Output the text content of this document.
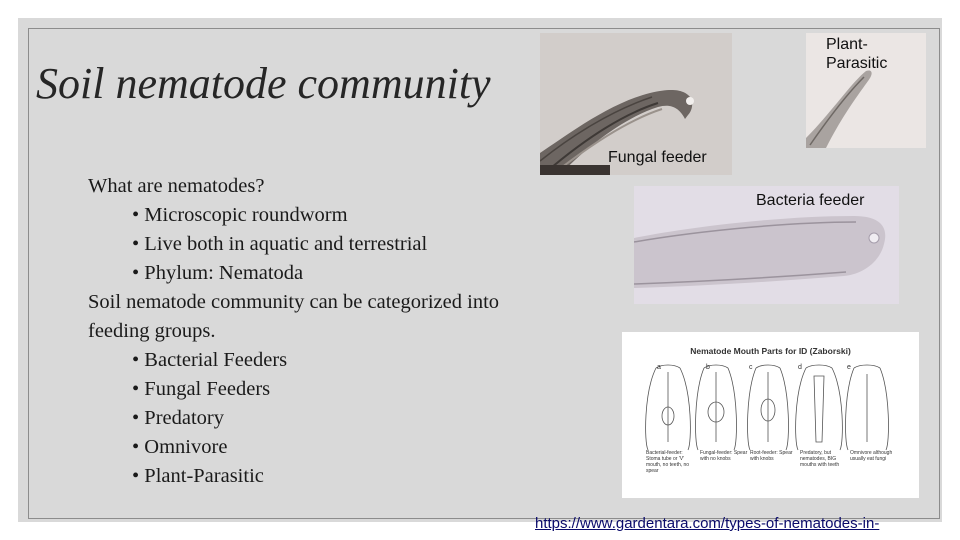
Soil nematode community
What are nematodes?
• Microscopic roundworm
• Live both in aquatic and terrestrial
• Phylum: Nematoda
Soil nematode community can be categorized into
feeding groups.
• Bacterial Feeders
• Fungal Feeders
• Predatory
• Omnivore
• Plant-Parasitic
Fungal feeder
Plant-
Parasitic
Bacteria feeder
Nematode Mouth Parts for ID (Zaborski)
a	b	c	d	e
Bacterial-feeder: Stoma tube or 'V' mouth, no teeth, no spear
Fungal-feeder: Spear with no knobs
Root-feeder: Spear with knobs
Predatory, but nematodes, BIG mouths with teeth
Omnivore although usually eat fungi
https://www.gardentara.com/types-of-nematodes-in-
